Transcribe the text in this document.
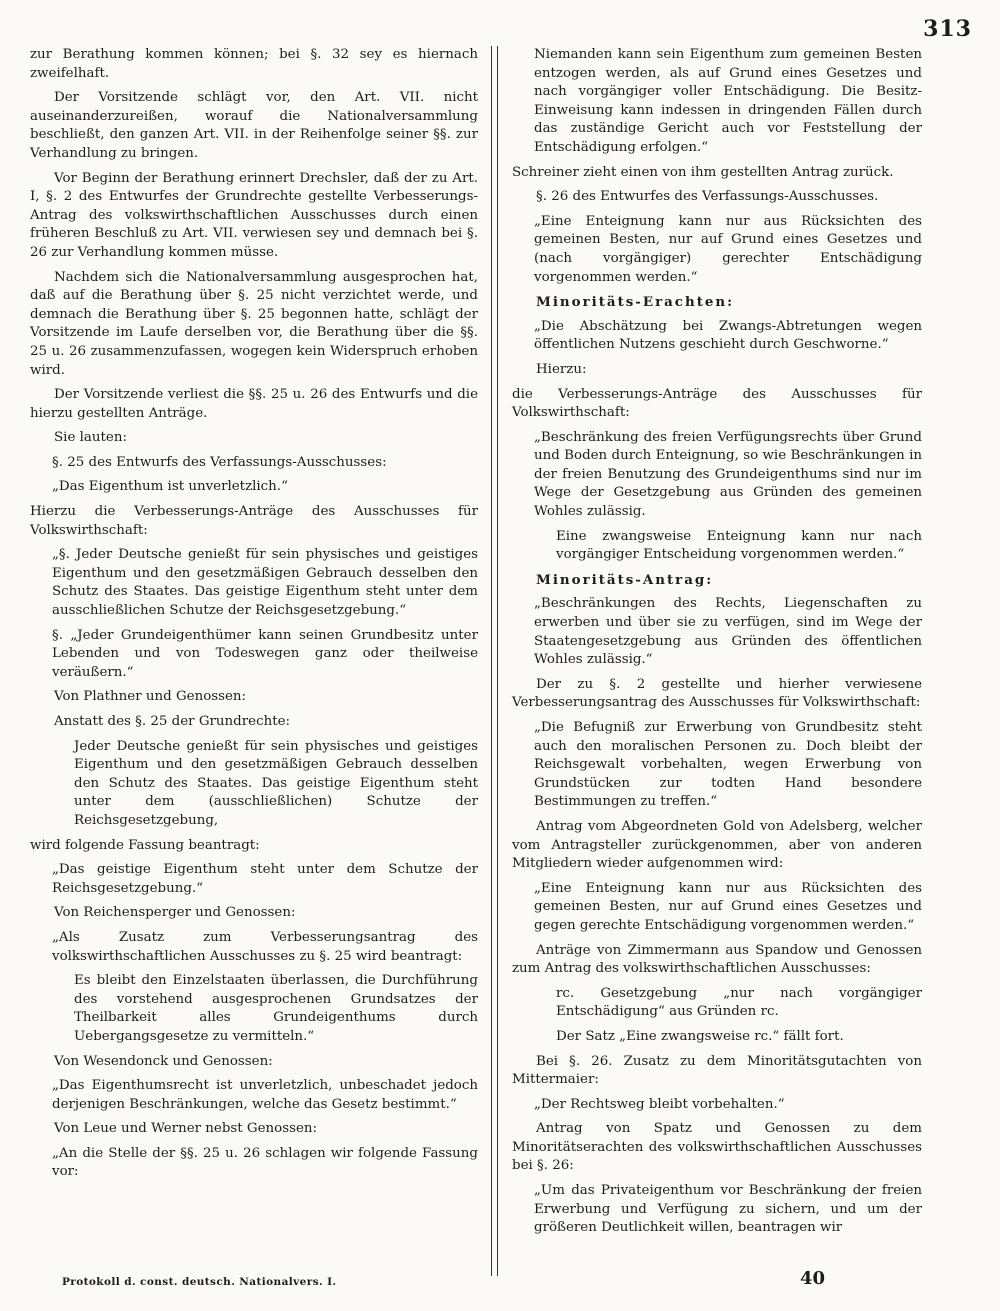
313

zur Berathung kommen können; bei §. 32 sey es hiernach zweifelhaft.

Der Vorsitzende schlägt vor, den Art. VII. nicht auseinanderzureißen, worauf die Nationalversammlung beschließt, den ganzen Art. VII. in der Reihenfolge seiner §§. zur Verhandlung zu bringen.

Vor Beginn der Berathung erinnert Drechsler, daß der zu Art. I, §. 2 des Entwurfes der Grundrechte gestellte Verbesserungs-Antrag des volkswirthschaftlichen Ausschusses durch einen früheren Beschluß zu Art. VII. verwiesen sey und demnach bei §. 26 zur Verhandlung kommen müsse.

Nachdem sich die Nationalversammlung ausgesprochen hat, daß auf die Berathung über §. 25 nicht verzichtet werde, und demnach die Berathung über §. 25 begonnen hatte, schlägt der Vorsitzende im Laufe derselben vor, die Berathung über die §§. 25 u. 26 zusammenzufassen, wogegen kein Widerspruch erhoben wird.

Der Vorsitzende verliest die §§. 25 u. 26 des Entwurfs und die hierzu gestellten Anträge.

Sie lauten:

§. 25 des Entwurfs des Verfassungs-Ausschusses:

„Das Eigenthum ist unverletzlich.“

Hierzu die Verbesserungs-Anträge des Ausschusses für Volkswirthschaft:

„§. Jeder Deutsche genießt für sein physisches und geistiges Eigenthum und den gesetzmäßigen Gebrauch desselben den Schutz des Staates. Das geistige Eigenthum steht unter dem ausschließlichen Schutze der Reichsgesetzgebung.“

§. „Jeder Grundeigenthümer kann seinen Grundbesitz unter Lebenden und von Todeswegen ganz oder theilweise veräußern.“

Von Plathner und Genossen:

Anstatt des §. 25 der Grundrechte:

Jeder Deutsche genießt für sein physisches und geistiges Eigenthum und den gesetzmäßigen Gebrauch desselben den Schutz des Staates. Das geistige Eigenthum steht unter dem (ausschließlichen) Schutze der Reichsgesetzgebung,

wird folgende Fassung beantragt:

„Das geistige Eigenthum steht unter dem Schutze der Reichsgesetzgebung.“

Von Reichensperger und Genossen:

„Als Zusatz zum Verbesserungsantrag des volkswirthschaftlichen Ausschusses zu §. 25 wird beantragt:

Es bleibt den Einzelstaaten überlassen, die Durchführung des vorstehend ausgesprochenen Grundsatzes der Theilbarkeit alles Grundeigenthums durch Uebergangsgesetze zu vermitteln.“

Von Wesendonck und Genossen:

„Das Eigenthumsrecht ist unverletzlich, unbeschadet jedoch derjenigen Beschränkungen, welche das Gesetz bestimmt.“

Von Leue und Werner nebst Genossen:

„An die Stelle der §§. 25 u. 26 schlagen wir folgende Fassung vor:

Niemanden kann sein Eigenthum zum gemeinen Besten entzogen werden, als auf Grund eines Gesetzes und nach vorgängiger voller Entschädigung. Die Besitz-Einweisung kann indessen in dringenden Fällen durch das zuständige Gericht auch vor Feststellung der Entschädigung erfolgen.“

Schreiner zieht einen von ihm gestellten Antrag zurück.

§. 26 des Entwurfes des Verfassungs-Ausschusses.

„Eine Enteignung kann nur aus Rücksichten des gemeinen Besten, nur auf Grund eines Gesetzes und (nach vorgängiger) gerechter Entschädigung vorgenommen werden.“

Minoritäts-Erachten:

„Die Abschätzung bei Zwangs-Abtretungen wegen öffentlichen Nutzens geschieht durch Geschworne.“

Hierzu:

die Verbesserungs-Anträge des Ausschusses für Volkswirthschaft:

„Beschränkung des freien Verfügungsrechts über Grund und Boden durch Enteignung, so wie Beschränkungen in der freien Benutzung des Grundeigenthums sind nur im Wege der Gesetzgebung aus Gründen des gemeinen Wohles zulässig.

Eine zwangsweise Enteignung kann nur nach vorgängiger Entscheidung vorgenommen werden.“

Minoritäts-Antrag:

„Beschränkungen des Rechts, Liegenschaften zu erwerben und über sie zu verfügen, sind im Wege der Staatengesetzgebung aus Gründen des öffentlichen Wohles zulässig.“

Der zu §. 2 gestellte und hierher verwiesene Verbesserungsantrag des Ausschusses für Volkswirthschaft:

„Die Befugniß zur Erwerbung von Grundbesitz steht auch den moralischen Personen zu. Doch bleibt der Reichsgewalt vorbehalten, wegen Erwerbung von Grundstücken zur todten Hand besondere Bestimmungen zu treffen.“

Antrag vom Abgeordneten Gold von Adelsberg, welcher vom Antragsteller zurückgenommen, aber von anderen Mitgliedern wieder aufgenommen wird:

„Eine Enteignung kann nur aus Rücksichten des gemeinen Besten, nur auf Grund eines Gesetzes und gegen gerechte Entschädigung vorgenommen werden.“

Anträge von Zimmermann aus Spandow und Genossen zum Antrag des volkswirthschaftlichen Ausschusses:

rc. Gesetzgebung „nur nach vorgängiger Entschädigung“ aus Gründen rc.

Der Satz „Eine zwangsweise rc.“ fällt fort.

Bei §. 26. Zusatz zu dem Minoritätsgutachten von Mittermaier:

„Der Rechtsweg bleibt vorbehalten.“

Antrag von Spatz und Genossen zu dem Minoritätserachten des volkswirthschaftlichen Ausschusses bei §. 26:

„Um das Privateigenthum vor Beschränkung der freien Erwerbung und Verfügung zu sichern, und um der größeren Deutlichkeit willen, beantragen wir

Protokoll d. const. deutsch. Nationalvers. I.	40
